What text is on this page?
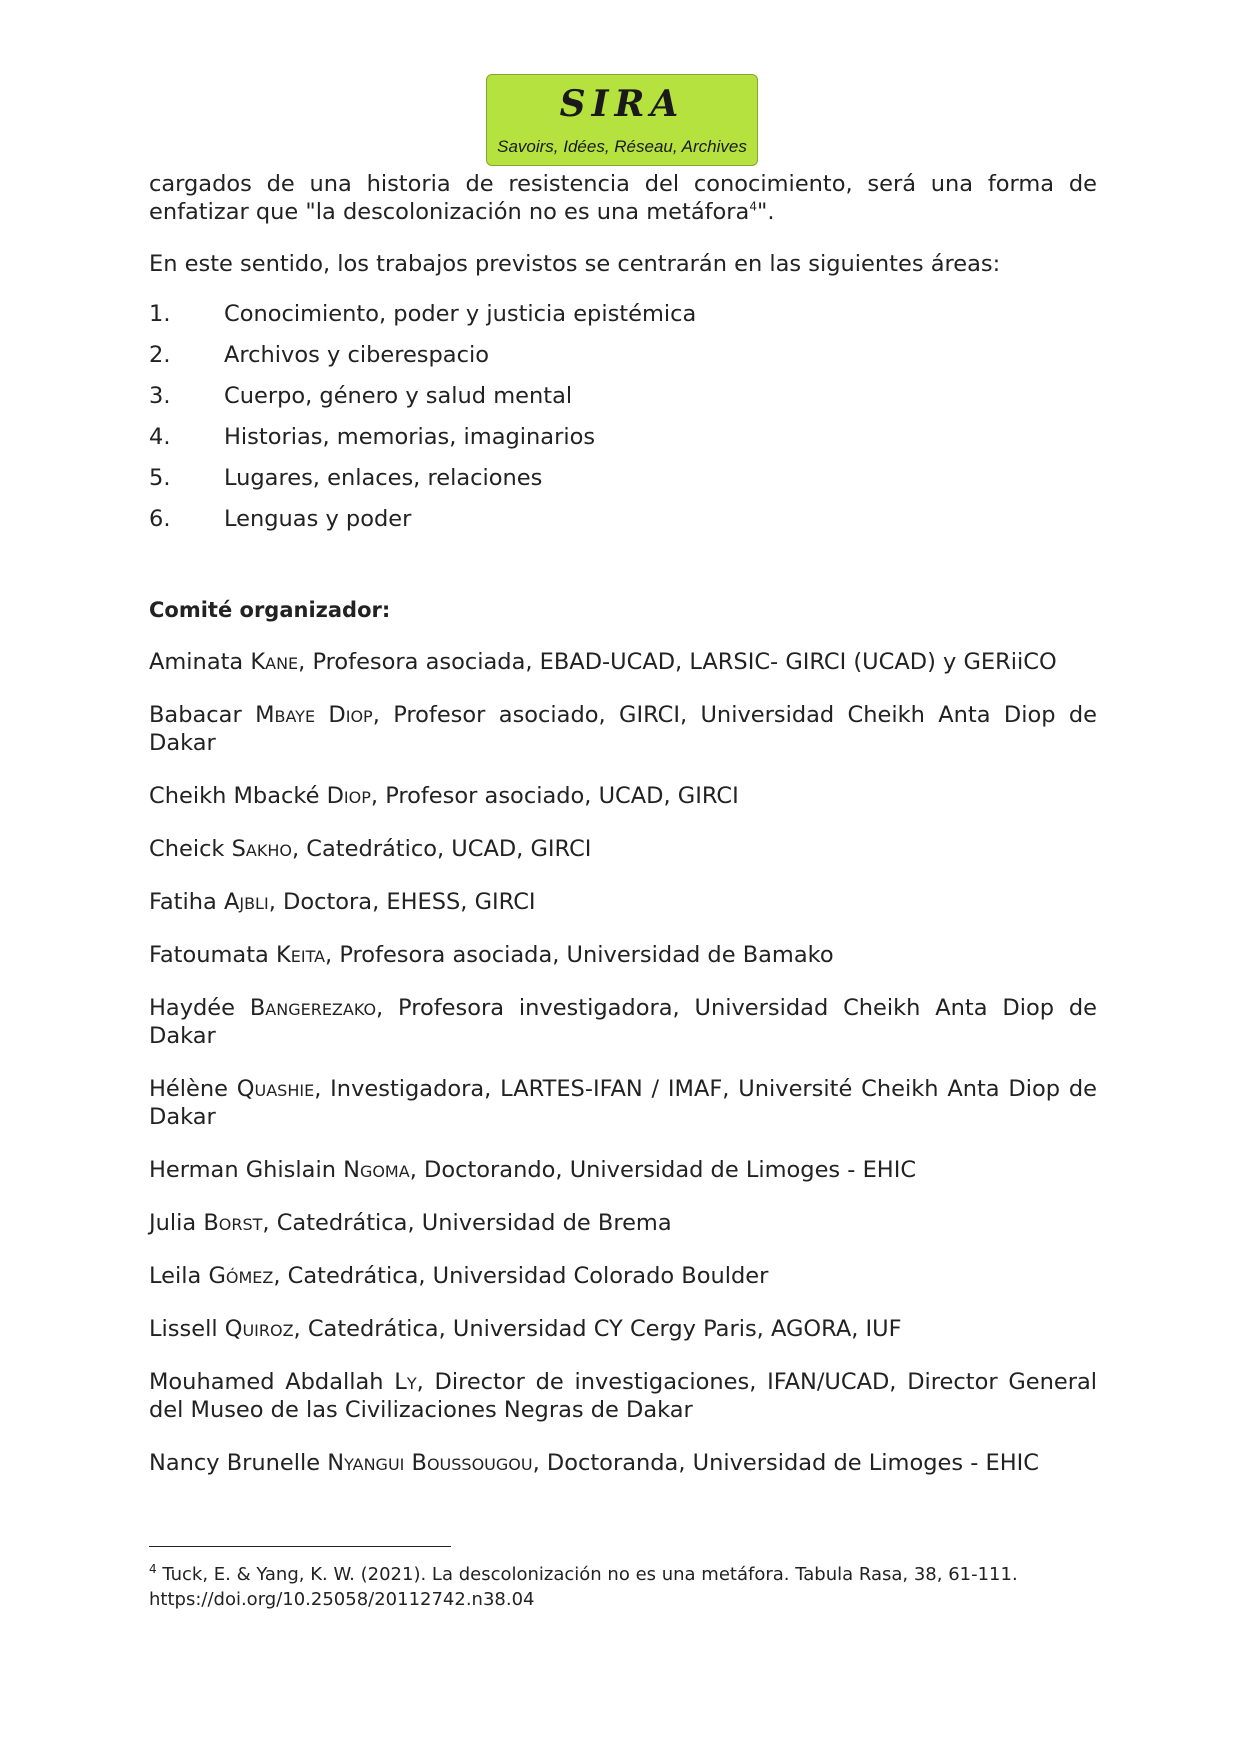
SIRA
Savoirs, Idées, Réseau, Archives

cargados de una historia de resistencia del conocimiento, será una forma de enfatizar que "la descolonización no es una metáfora$^4$".

En este sentido, los trabajos previstos se centrarán en las siguientes áreas:

1.	Conocimiento, poder y justicia epistémica
2.	Archivos y ciberespacio
3.	Cuerpo, género y salud mental
4.	Historias, memorias, imaginarios
5.	Lugares, enlaces, relaciones
6.	Lenguas y poder

Comité organizador:

Aminata Kane, Profesora asociada, EBAD-UCAD, LARSIC- GIRCI (UCAD) y GERiiCO

Babacar Mbaye Diop, Profesor asociado, GIRCI, Universidad Cheikh Anta Diop de Dakar

Cheikh Mbacké Diop, Profesor asociado, UCAD, GIRCI

Cheick Sakho, Catedrático, UCAD, GIRCI

Fatiha Ajbli, Doctora, EHESS, GIRCI

Fatoumata Keita, Profesora asociada, Universidad de Bamako

Haydée Bangerezako, Profesora investigadora, Universidad Cheikh Anta Diop de Dakar

Hélène Quashie, Investigadora, LARTES-IFAN / IMAF, Université Cheikh Anta Diop de Dakar

Herman Ghislain Ngoma, Doctorando, Universidad de Limoges - EHIC

Julia Borst, Catedrática, Universidad de Brema

Leila Gómez, Catedrática, Universidad Colorado Boulder

Lissell Quiroz, Catedrática, Universidad CY Cergy Paris, AGORA, IUF

Mouhamed Abdallah Ly, Director de investigaciones, IFAN/UCAD, Director General del Museo de las Civilizaciones Negras de Dakar

Nancy Brunelle Nyangui Boussougou, Doctoranda, Universidad de Limoges - EHIC

$^4$ Tuck, E. & Yang, K. W. (2021). La descolonización no es una metáfora. Tabula Rasa, 38, 61-111. https://doi.org/10.25058/20112742.n38.04
